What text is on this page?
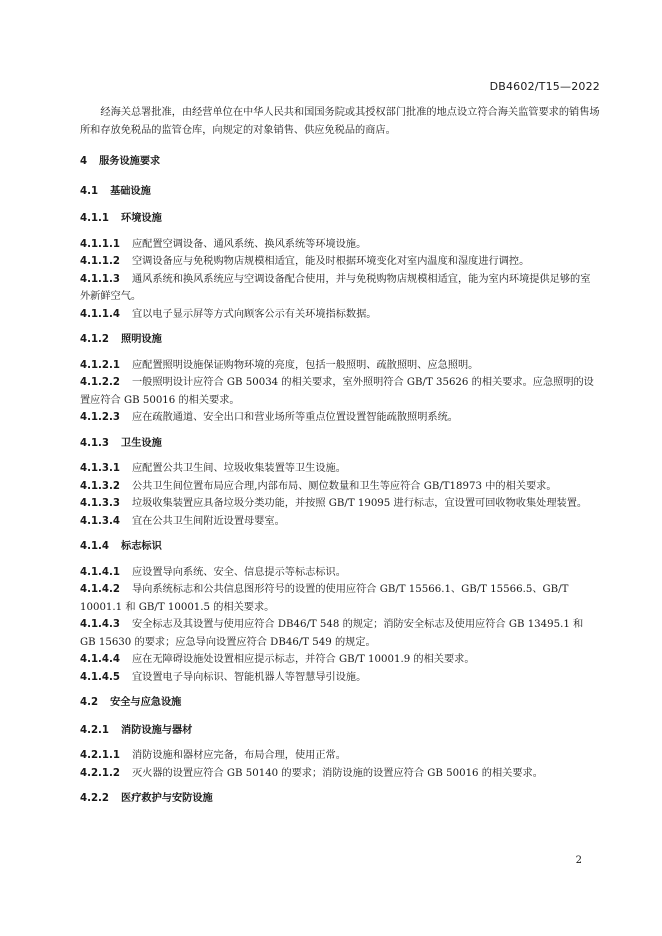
DB4602/T15—2022

经海关总署批准，由经营单位在中华人民共和国国务院或其授权部门批准的地点设立符合海关监管要求的销售场所和存放免税品的监管仓库，向规定的对象销售、供应免税品的商店。

4 服务设施要求
4.1 基础设施
4.1.1 环境设施

4.1.1.1 应配置空调设备、通风系统、换风系统等环境设施。

4.1.1.2 空调设备应与免税购物店规模相适宜，能及时根据环境变化对室内温度和湿度进行调控。

4.1.1.3 通风系统和换风系统应与空调设备配合使用，并与免税购物店规模相适宜，能为室内环境提供足够的室外新鲜空气。

4.1.1.4 宜以电子显示屏等方式向顾客公示有关环境指标数据。

4.1.2 照明设施

4.1.2.1 应配置照明设施保证购物环境的亮度，包括一般照明、疏散照明、应急照明。

4.1.2.2 一般照明设计应符合 GB 50034 的相关要求，室外照明符合 GB/T 35626 的相关要求。应急照明的设置应符合 GB 50016 的相关要求。

4.1.2.3 应在疏散通道、安全出口和营业场所等重点位置设置智能疏散照明系统。

4.1.3 卫生设施

4.1.3.1 应配置公共卫生间、垃圾收集装置等卫生设施。

4.1.3.2 公共卫生间位置布局应合理,内部布局、厕位数量和卫生等应符合 GB/T18973 中的相关要求。

4.1.3.3 垃圾收集装置应具备垃圾分类功能，并按照 GB/T 19095 进行标志，宜设置可回收物收集处理装置。

4.1.3.4 宜在公共卫生间附近设置母婴室。

4.1.4 标志标识

4.1.4.1 应设置导向系统、安全、信息提示等标志标识。

4.1.4.2 导向系统标志和公共信息图形符号的设置的使用应符合 GB/T 15566.1、GB/T 15566.5、GB/T 10001.1 和 GB/T 10001.5 的相关要求。

4.1.4.3 安全标志及其设置与使用应符合 DB46/T 548 的规定；消防安全标志及使用应符合 GB 13495.1 和 GB 15630 的要求；应急导向设置应符合 DB46/T 549 的规定。

4.1.4.4 应在无障碍设施处设置相应提示标志，并符合 GB/T 10001.9 的相关要求。

4.1.4.5 宜设置电子导向标识、智能机器人等智慧导引设施。

4.2 安全与应急设施
4.2.1 消防设施与器材

4.2.1.1 消防设施和器材应完备，布局合理，使用正常。

4.2.1.2 灭火器的设置应符合 GB 50140 的要求；消防设施的设置应符合 GB 50016 的相关要求。

4.2.2 医疗救护与安防设施
2
